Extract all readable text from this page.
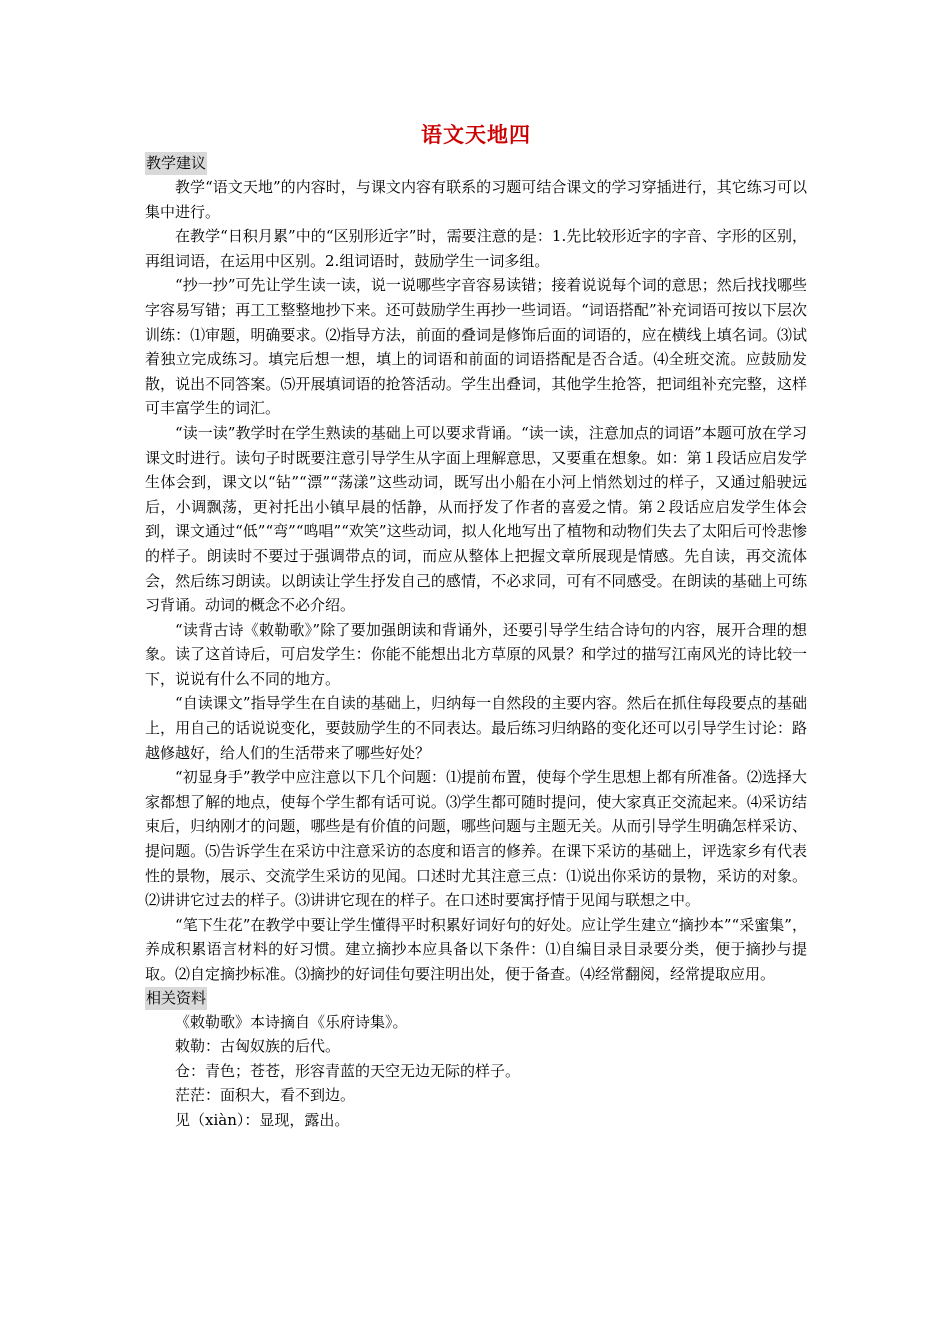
语文天地四
教学建议

教学“语文天地”的内容时，与课文内容有联系的习题可结合课文的学习穿插进行，其它练习可以集中进行。

在教学“日积月累”中的“区别形近字”时，需要注意的是：1.先比较形近字的字音、字形的区别，再组词语，在运用中区别。2.组词语时，鼓励学生一词多组。

“抄一抄”可先让学生读一读，说一说哪些字音容易读错；接着说说每个词的意思；然后找找哪些字容易写错；再工工整整地抄下来。还可鼓励学生再抄一些词语。“词语搭配”补充词语可按以下层次训练：⑴审题，明确要求。⑵指导方法，前面的叠词是修饰后面的词语的，应在横线上填名词。⑶试着独立完成练习。填完后想一想，填上的词语和前面的词语搭配是否合适。⑷全班交流。应鼓励发散，说出不同答案。⑸开展填词语的抢答活动。学生出叠词，其他学生抢答，把词组补充完整，这样可丰富学生的词汇。

“读一读”教学时在学生熟读的基础上可以要求背诵。“读一读，注意加点的词语”本题可放在学习课文时进行。读句子时既要注意引导学生从字面上理解意思，又要重在想象。如：第１段话应启发学生体会到，课文以“钻”“漂”“荡漾”这些动词，既写出小船在小河上悄然划过的样子，又通过船驶远后，小调飘荡，更衬托出小镇早晨的恬静，从而抒发了作者的喜爱之情。第２段话应启发学生体会到，课文通过“低”“弯”“鸣唱”“欢笑”这些动词，拟人化地写出了植物和动物们失去了太阳后可怜悲惨的样子。朗读时不要过于强调带点的词，而应从整体上把握文章所展现是情感。先自读，再交流体会，然后练习朗读。以朗读让学生抒发自己的感情，不必求同，可有不同感受。在朗读的基础上可练习背诵。动词的概念不必介绍。

“读背古诗《敕勒歌》”除了要加强朗读和背诵外，还要引导学生结合诗句的内容，展开合理的想象。读了这首诗后，可启发学生：你能不能想出北方草原的风景？和学过的描写江南风光的诗比较一下，说说有什么不同的地方。

“自读课文”指导学生在自读的基础上，归纳每一自然段的主要内容。然后在抓住每段要点的基础上，用自己的话说说变化，要鼓励学生的不同表达。最后练习归纳路的变化还可以引导学生讨论：路越修越好，给人们的生活带来了哪些好处？

“初显身手”教学中应注意以下几个问题：⑴提前布置，使每个学生思想上都有所准备。⑵选择大家都想了解的地点，使每个学生都有话可说。⑶学生都可随时提问，使大家真正交流起来。⑷采访结束后，归纳刚才的问题，哪些是有价值的问题，哪些问题与主题无关。从而引导学生明确怎样采访、提问题。⑸告诉学生在采访中注意采访的态度和语言的修养。在课下采访的基础上，评选家乡有代表性的景物，展示、交流学生采访的见闻。口述时尤其注意三点：⑴说出你采访的景物，采访的对象。⑵讲讲它过去的样子。⑶讲讲它现在的样子。在口述时要寓抒情于见闻与联想之中。

“笔下生花”在教学中要让学生懂得平时积累好词好句的好处。应让学生建立“摘抄本”“采蜜集”，养成积累语言材料的好习惯。建立摘抄本应具备以下条件：⑴自编目录目录要分类，便于摘抄与提取。⑵自定摘抄标准。⑶摘抄的好词佳句要注明出处，便于备查。⑷经常翻阅，经常提取应用。

相关资料

《敕勒歌》本诗摘自《乐府诗集》。

敕勒：古匈奴族的后代。

仓：青色；苍苍，形容青蓝的天空无边无际的样子。

茫茫：面积大，看不到边。

见（xiàn）：显现，露出。
